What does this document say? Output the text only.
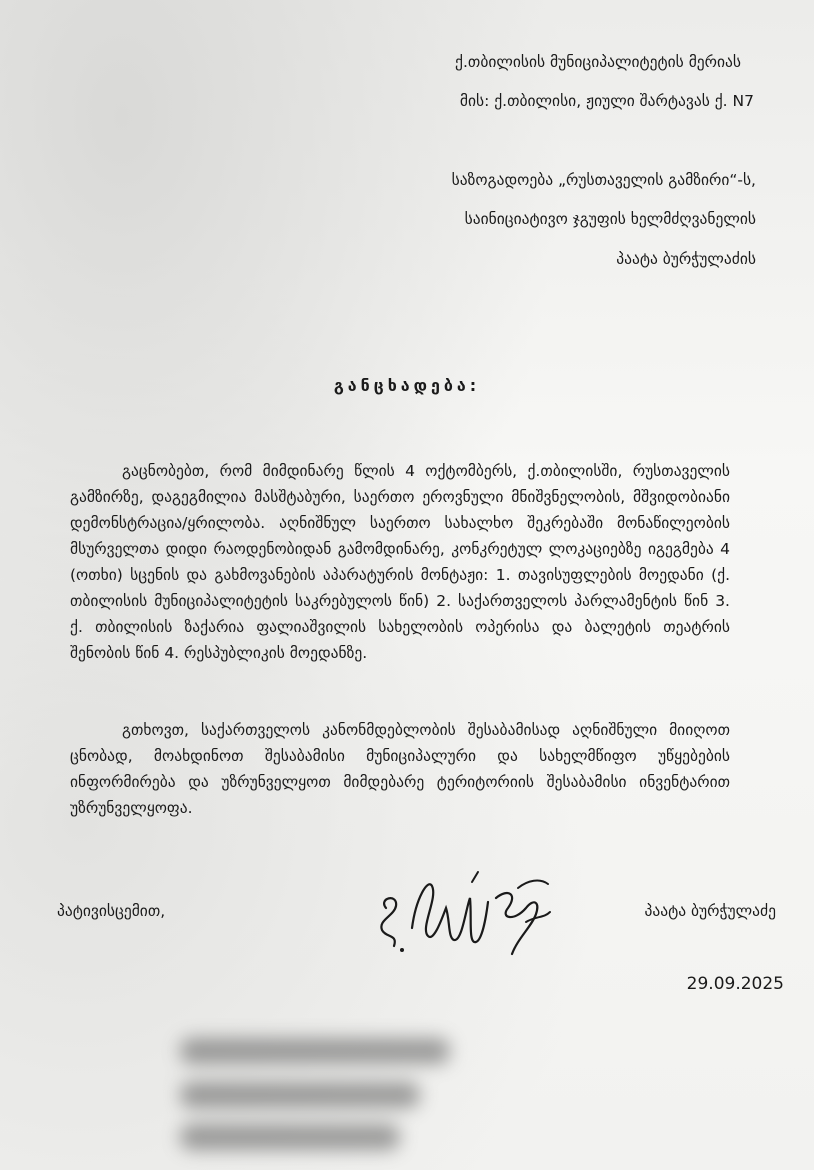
ქ.თბილისის მუნიციპალიტეტის მერიას
მის: ქ.თბილისი, ჟიული შარტავას ქ. N7
საზოგადოება „რუსთაველის გამზირი“-ს,
საინიციატივო ჯგუფის ხელმძღვანელის
პაატა ბურჭულაძის
განცხადება:

გაცნობებთ, რომ მიმდინარე წლის 4 ოქტომბერს, ქ.თბილისში, რუსთაველის გამზირზე, დაგეგმილია მასშტაბური, საერთო ეროვნული მნიშვნელობის, მშვიდობიანი დემონსტრაცია/ყრილობა. აღნიშნულ საერთო სახალხო შეკრებაში მონაწილეობის მსურველთა დიდი რაოდენობიდან გამომდინარე, კონკრეტულ ლოკაციებზე იგეგმება 4 (ოთხი) სცენის და გახმოვანების აპარატურის მონტაჟი: 1. თავისუფლების მოედანი (ქ. თბილისის მუნიციპალიტეტის საკრებულოს წინ) 2. საქართველოს პარლამენტის წინ 3. ქ. თბილისის ზაქარია ფალიაშვილის სახელობის ოპერისა და ბალეტის თეატრის შენობის წინ 4. რესპუბლიკის მოედანზე.

გთხოვთ, საქართველოს კანონმდებლობის შესაბამისად აღნიშნული მიიღოთ ცნობად, მოახდინოთ შესაბამისი მუნიციპალური და სახელმწიფო უწყებების ინფორმირება და უზრუნველყოთ მიმდებარე ტერიტორიის შესაბამისი ინვენტარით უზრუნველყოფა.

პატივისცემით,	პაატა ბურჭულაძე
29.09.2025
